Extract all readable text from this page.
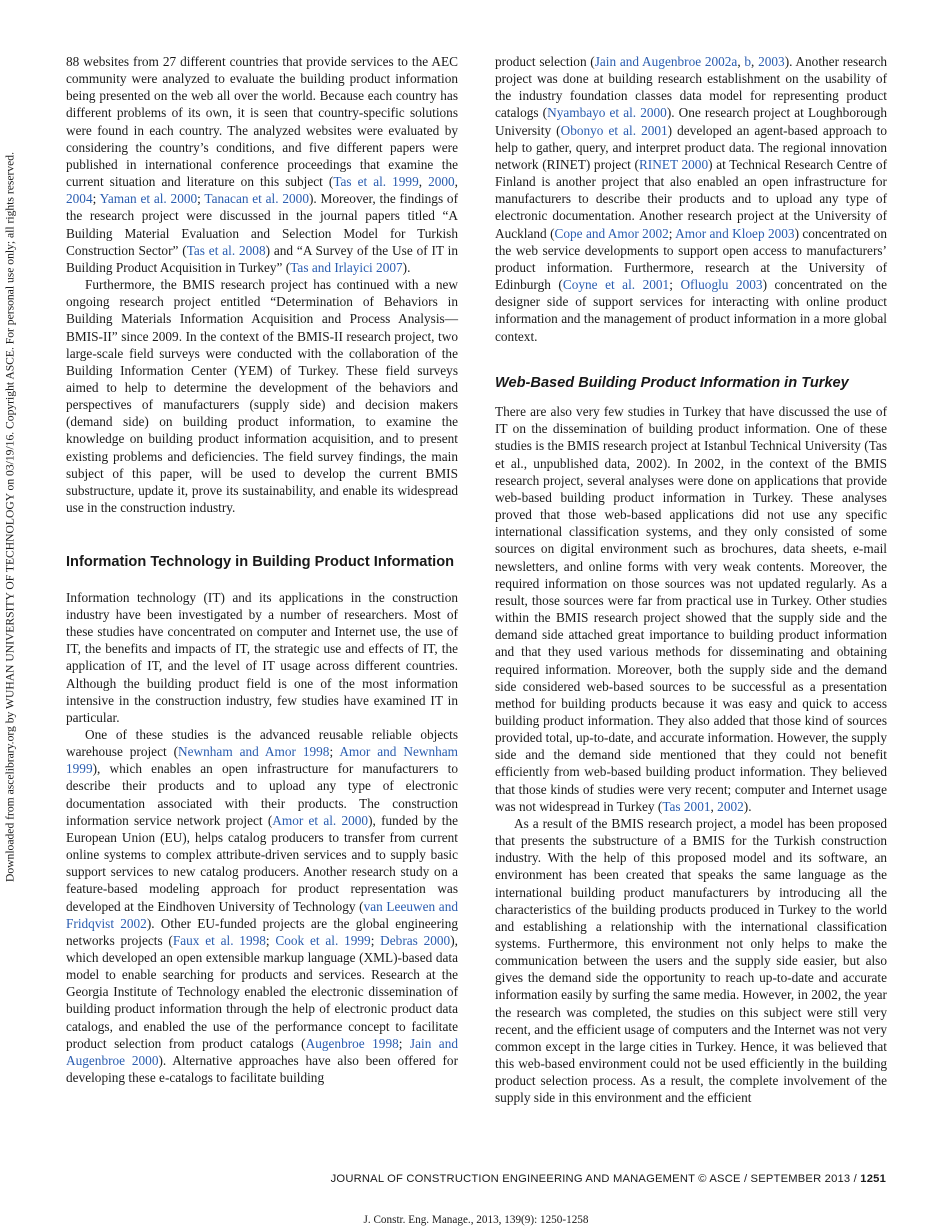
Downloaded from ascelibrary.org by WUHAN UNIVERSITY OF TECHNOLOGY on 03/19/16. Copyright ASCE. For personal use only; all rights reserved.

88 websites from 27 different countries that provide services to the AEC community were analyzed to evaluate the building product information being presented on the web all over the world. Because each country has different problems of its own, it is seen that country-specific solutions were found in each country. The analyzed websites were evaluated by considering the country’s conditions, and five different papers were published in international conference proceedings that examine the current situation and literature on this subject (Tas et al. 1999, 2000, 2004; Yaman et al. 2000; Tanacan et al. 2000). Moreover, the findings of the research project were discussed in the journal papers titled “A Building Material Evaluation and Selection Model for Turkish Construction Sector” (Tas et al. 2008) and “A Survey of the Use of IT in Building Product Acquisition in Turkey” (Tas and Irlayici 2007).

Furthermore, the BMIS research project has continued with a new ongoing research project entitled “Determination of Behaviors in Building Materials Information Acquisition and Process Analysis—BMIS-II” since 2009. In the context of the BMIS-II research project, two large-scale field surveys were conducted with the collaboration of the Building Information Center (YEM) of Turkey. These field surveys aimed to help to determine the development of the behaviors and perspectives of manufacturers (supply side) and decision makers (demand side) on building product information, to examine the knowledge on building product information acquisition, and to present existing problems and deficiencies. The field survey findings, the main subject of this paper, will be used to develop the current BMIS substructure, update it, prove its sustainability, and enable its widespread use in the construction industry.

Information Technology in Building Product Information

Information technology (IT) and its applications in the construction industry have been investigated by a number of researchers. Most of these studies have concentrated on computer and Internet use, the use of IT, the benefits and impacts of IT, the strategic use and effects of IT, the application of IT, and the level of IT usage across different countries. Although the building product field is one of the most information intensive in the construction industry, few studies have examined IT in particular.

One of these studies is the advanced reusable reliable objects warehouse project (Newnham and Amor 1998; Amor and Newnham 1999), which enables an open infrastructure for manufacturers to describe their products and to upload any type of electronic documentation associated with their products. The construction information service network project (Amor et al. 2000), funded by the European Union (EU), helps catalog producers to transfer from current online systems to complex attribute-driven services and to supply basic support services to new catalog producers. Another research study on a feature-based modeling approach for product representation was developed at the Eindhoven University of Technology (van Leeuwen and Fridqvist 2002). Other EU-funded projects are the global engineering networks projects (Faux et al. 1998; Cook et al. 1999; Debras 2000), which developed an open extensible markup language (XML)-based data model to enable searching for products and services. Research at the Georgia Institute of Technology enabled the electronic dissemination of building product information through the help of electronic product data catalogs, and enabled the use of the performance concept to facilitate product selection from product catalogs (Augenbroe 1998; Jain and Augenbroe 2000). Alternative approaches have also been offered for developing these e-catalogs to facilitate building

product selection (Jain and Augenbroe 2002a, b, 2003). Another research project was done at building research establishment on the usability of the industry foundation classes data model for representing product catalogs (Nyambayo et al. 2000). One research project at Loughborough University (Obonyo et al. 2001) developed an agent-based approach to help to gather, query, and interpret product data. The regional innovation network (RINET) project (RINET 2000) at Technical Research Centre of Finland is another project that also enabled an open infrastructure for manufacturers to describe their products and to upload any type of electronic documentation. Another research project at the University of Auckland (Cope and Amor 2002; Amor and Kloep 2003) concentrated on the web service developments to support open access to manufacturers’ product information. Furthermore, research at the University of Edinburgh (Coyne et al. 2001; Ofluoglu 2003) concentrated on the designer side of support services for interacting with online product information and the management of product information in a more global context.

Web-Based Building Product Information in Turkey

There are also very few studies in Turkey that have discussed the use of IT on the dissemination of building product information. One of these studies is the BMIS research project at Istanbul Technical University (Tas et al., unpublished data, 2002). In 2002, in the context of the BMIS research project, several analyses were done on applications that provide web-based building product information in Turkey. These analyses proved that those web-based applications did not use any specific international classification systems, and they only consisted of some sources on digital environment such as brochures, data sheets, e-mail newsletters, and online forms with very weak contents. Moreover, the required information on those sources was not updated regularly. As a result, those sources were far from practical use in Turkey. Other studies within the BMIS research project showed that the supply side and the demand side attached great importance to building product information and that they used various methods for disseminating and obtaining required information. Moreover, both the supply side and the demand side considered web-based sources to be successful as a presentation method for building products because it was easy and quick to access building product information. They also added that those kind of sources provided total, up-to-date, and accurate information. However, the supply side and the demand side mentioned that they could not benefit efficiently from web-based building product information. They believed that those kinds of studies were very recent; computer and Internet usage was not widespread in Turkey (Tas 2001, 2002).

As a result of the BMIS research project, a model has been proposed that presents the substructure of a BMIS for the Turkish construction industry. With the help of this proposed model and its software, an environment has been created that speaks the same language as the international building product manufacturers by introducing all the characteristics of the building products produced in Turkey to the world and establishing a relationship with the international classification systems. Furthermore, this environment not only helps to make the communication between the users and the supply side easier, but also gives the demand side the opportunity to reach up-to-date and accurate information easily by surfing the same media. However, in 2002, the year the research was completed, the studies on this subject were still very recent, and the efficient usage of computers and the Internet was not very common except in the large cities in Turkey. Hence, it was believed that this web-based environment could not be used efficiently in the building product selection process. As a result, the complete involvement of the supply side in this environment and the efficient

JOURNAL OF CONSTRUCTION ENGINEERING AND MANAGEMENT © ASCE / SEPTEMBER 2013 / 1251
J. Constr. Eng. Manage., 2013, 139(9): 1250-1258
